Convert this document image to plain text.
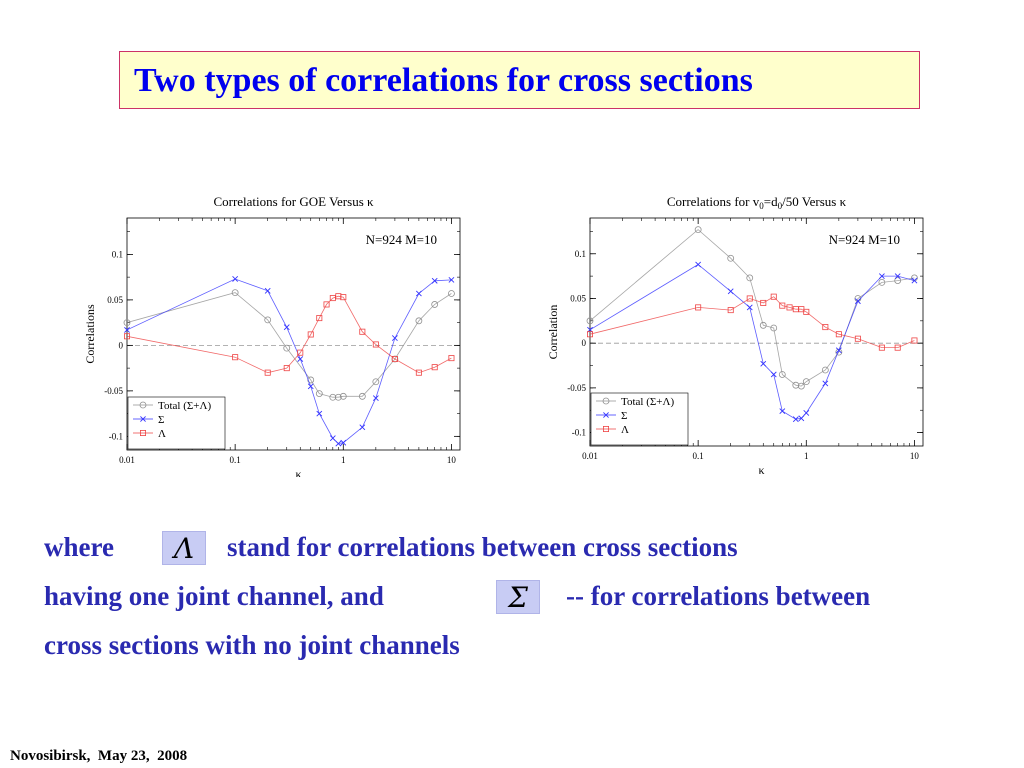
Two types of correlations for cross sections
0.01	0.1	1	10
0.1
0.05
0
-0.05
-0.1
Correlations for GOE Versus κ
N=924 M=10
κ
Correlations
Total (Σ+Λ)
Σ
Λ
0.01	0.1	1	10
0.1
0.05
0
-0.05
-0.1
Correlations for $v_0=d_0/50$ Versus κ
N=924 M=10
κ
Correlation
Total (Σ+Λ)
Σ
Λ
where	Λ	stand for correlations between cross sections
having one joint channel, and	Σ	-- for correlations between
cross sections with no joint channels
Novosibirsk,  May 23,  2008
